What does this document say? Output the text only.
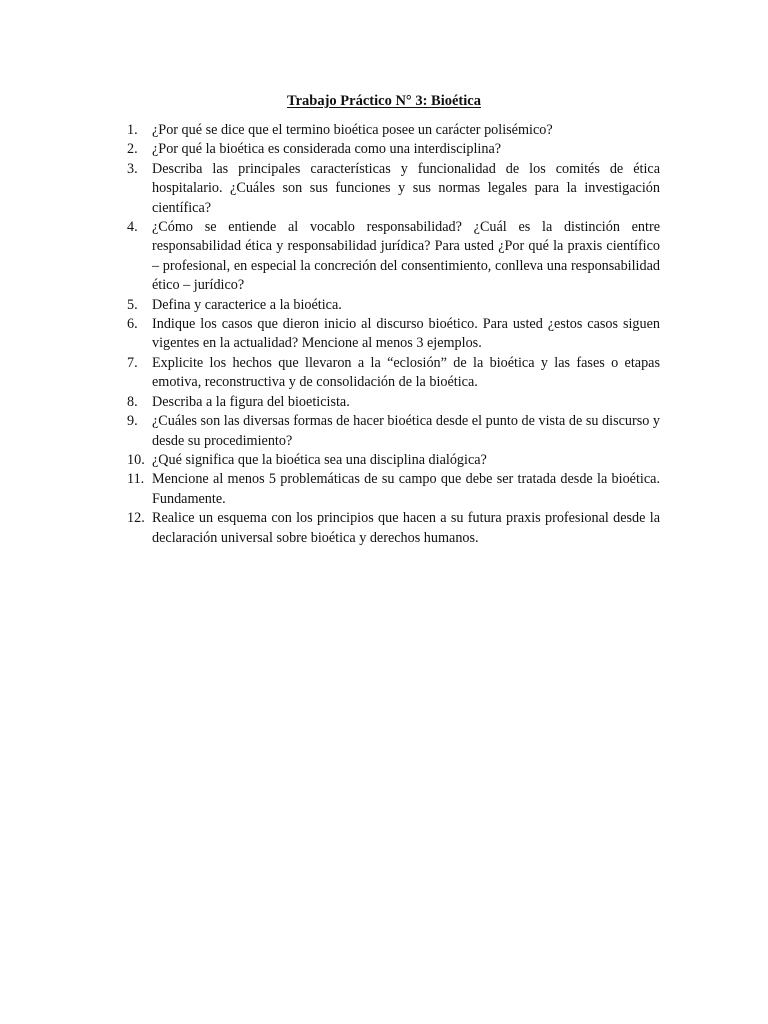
Trabajo Práctico N° 3: Bioética
1.	¿Por qué se dice que el termino bioética posee un carácter polisémico?
2.	¿Por qué la bioética es considerada como una interdisciplina?
3.	Describa las principales características y funcionalidad de los comités de ética hospitalario. ¿Cuáles son sus funciones y sus normas legales para la investigación científica?
4.	¿Cómo se entiende al vocablo responsabilidad? ¿Cuál es la distinción entre responsabilidad ética y responsabilidad jurídica? Para usted ¿Por qué la praxis científico – profesional, en especial la concreción del consentimiento, conlleva una responsabilidad ético – jurídico?
5.	Defina y caracterice a la bioética.
6.	Indique los casos que dieron inicio al discurso bioético. Para usted ¿estos casos siguen vigentes en la actualidad? Mencione al menos 3 ejemplos.
7.	Explicite los hechos que llevaron a la “eclosión” de la bioética y las fases o etapas emotiva, reconstructiva y de consolidación de la bioética.
8.	Describa a la figura del bioeticista.
9.	¿Cuáles son las diversas formas de hacer bioética desde el punto de vista de su discurso y desde su procedimiento?
10. ¿Qué significa que la bioética sea una disciplina dialógica?
11. Mencione al menos 5 problemáticas de su campo que debe ser tratada desde la bioética. Fundamente.
12. Realice un esquema con los principios que hacen a su futura praxis profesional desde la declaración universal sobre bioética y derechos humanos.
